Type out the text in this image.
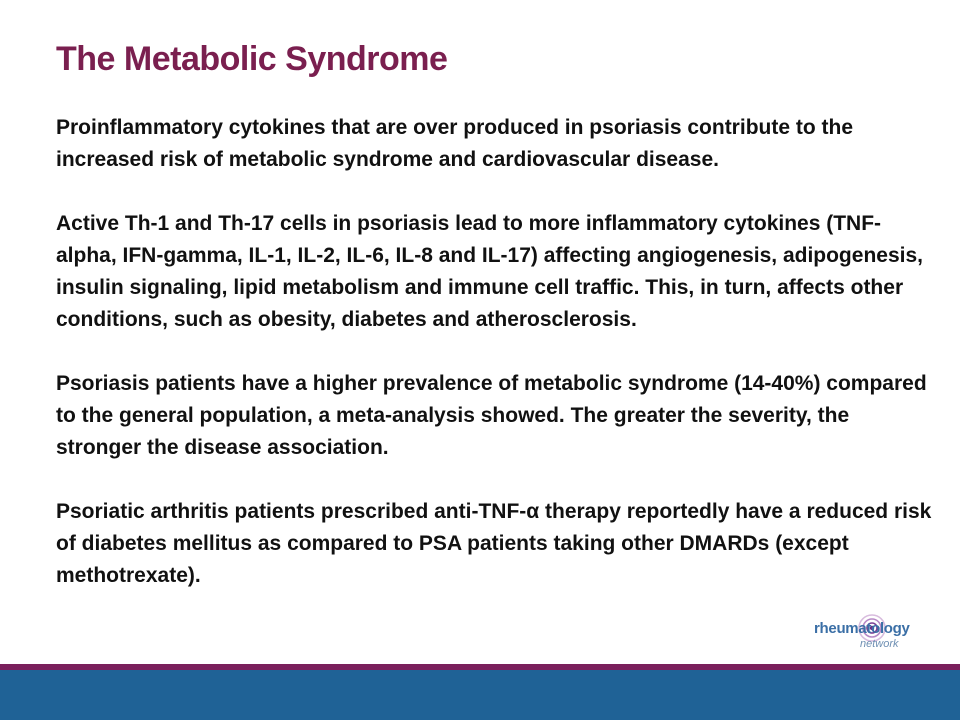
The Metabolic Syndrome

Proinflammatory cytokines that are over produced in psoriasis contribute to the increased risk of metabolic syndrome and cardiovascular disease.

Active Th-1 and Th-17 cells in psoriasis lead to more inflammatory cytokines (TNF-alpha, IFN-gamma, IL-1, IL-2, IL-6, IL-8 and IL-17) affecting angiogenesis, adipogenesis, insulin signaling, lipid metabolism and immune cell traffic. This, in turn, affects other conditions, such as obesity, diabetes and atherosclerosis.

Psoriasis patients have a higher prevalence of metabolic syndrome (14-40%) compared to the general population, a meta-analysis showed. The greater the severity, the stronger the disease association.

Psoriatic arthritis patients prescribed anti-TNF-α therapy reportedly have a reduced risk of diabetes mellitus as compared to PSA patients taking other DMARDs (except methotrexate).

rheumatology
network
